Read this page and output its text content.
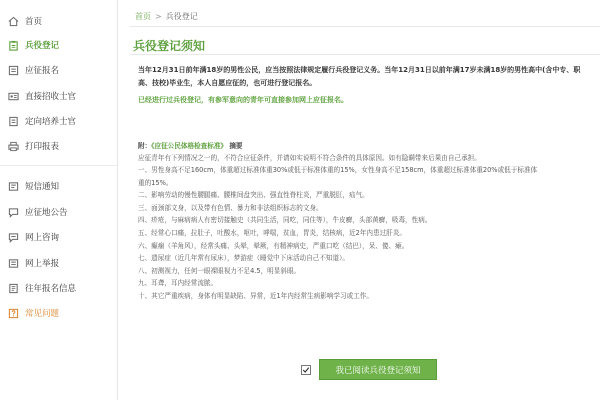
首页
兵役登记
应征报名
直接招收士官
定向培养士官
打印报表
短信通知
应征地公告
网上咨询
网上举报
往年报名信息
常见问题
首页 > 兵役登记
兵役登记须知

当年12月31日前年满18岁的男性公民，应当按照法律规定履行兵役登记义务。当年12月31日以前年满17岁未满18岁的男性高中(含中专、职高、技校)毕业生，本人自愿应征的，也可进行登记报名。

已经进行过兵役登记，有参军意向的青年可直接参加网上应征报名。

附：《应征公民体格检查标准》 摘要

应征青年有下列情况之一的，不符合应征条件，并请如实说明不符合条件的具体原因。如有隐瞒带来后果由自己承担。

一、男性身高不足160cm，体重超过标准体重30%或低于标准体重的15%，女性身高不足158cm，体重超过标准体重20%或低于标准体

重的15%。

二、影响劳动的慢性腰腿痛、腰椎间盘突出、强直性脊柱炎，严重脱肛，疝气。

三、面颈部文身，以及带有色情、暴力和非法组织标志的文身。

四、疥疮，与麻病病人有密切接触史（共同生活，同吃，同住等），牛皮癣，头部黄癣，吸毒，性病。

五、经常心口痛，拉肚子，吐酸水，呕吐，哮喘，贫血，胃炎，结核病，近2年内患过肝炎。

六、癫痫（羊角风），经常头痛、头晕，晕厥，有精神病史，严重口吃（结巴），呆、傻、瘫。

七、遗尿症（近几年常有尿床），梦游症（睡觉中下床活动自己不知道）。

八、初测视力，任何一眼裸眼视力不足4.5，明显斜眼。

九、耳聋，耳内经常流脓。

十、其它严重疾病，身体有明显缺陷、异常，近1年内经常生病影响学习或工作。

我已阅读兵役登记须知
